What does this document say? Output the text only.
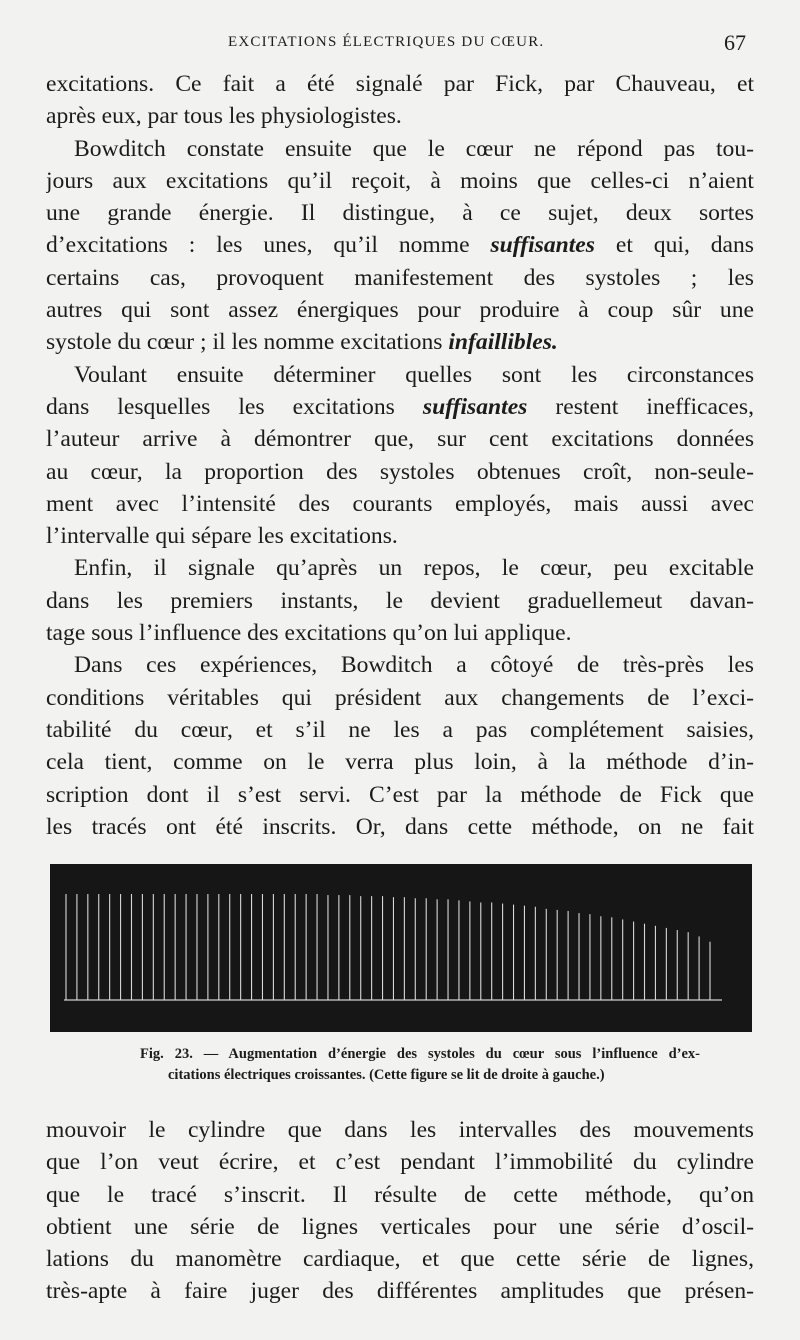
EXCITATIONS ÉLECTRIQUES DU CŒUR.	67
excitations. Ce fait a été signalé par Fick, par Chauveau, et
après eux, par tous les physiologistes.
Bowditch constate ensuite que le cœur ne répond pas tou-
jours aux excitations qu’il reçoit, à moins que celles-ci n’aient
une grande énergie. Il distingue, à ce sujet, deux sortes
d’excitations : les unes, qu’il nomme suffisantes et qui, dans
certains cas, provoquent manifestement des systoles ; les
autres qui sont assez énergiques pour produire à coup sûr une
systole du cœur ; il les nomme excitations infaillibles.
Voulant ensuite déterminer quelles sont les circonstances
dans lesquelles les excitations suffisantes restent inefficaces,
l’auteur arrive à démontrer que, sur cent excitations données
au cœur, la proportion des systoles obtenues croît, non-seule-
ment avec l’intensité des courants employés, mais aussi avec
l’intervalle qui sépare les excitations.
Enfin, il signale qu’après un repos, le cœur, peu excitable
dans les premiers instants, le devient graduellemeut davan-
tage sous l’influence des excitations qu’on lui applique.
Dans ces expériences, Bowditch a côtoyé de très-près les
conditions véritables qui président aux changements de l’exci-
tabilité du cœur, et s’il ne les a pas complétement saisies,
cela tient, comme on le verra plus loin, à la méthode d’in-
scription dont il s’est servi. C’est par la méthode de Fick que
les tracés ont été inscrits. Or, dans cette méthode, on ne fait
Fig. 23. — Augmentation d’énergie des systoles du cœur sous l’influence d’ex-
citations électriques croissantes. (Cette figure se lit de droite à gauche.)
mouvoir le cylindre que dans les intervalles des mouvements
que l’on veut écrire, et c’est pendant l’immobilité du cylindre
que le tracé s’inscrit. Il résulte de cette méthode, qu’on
obtient une série de lignes verticales pour une série d’oscil-
lations du manomètre cardiaque, et que cette série de lignes,
très-apte à faire juger des différentes amplitudes que présen-
